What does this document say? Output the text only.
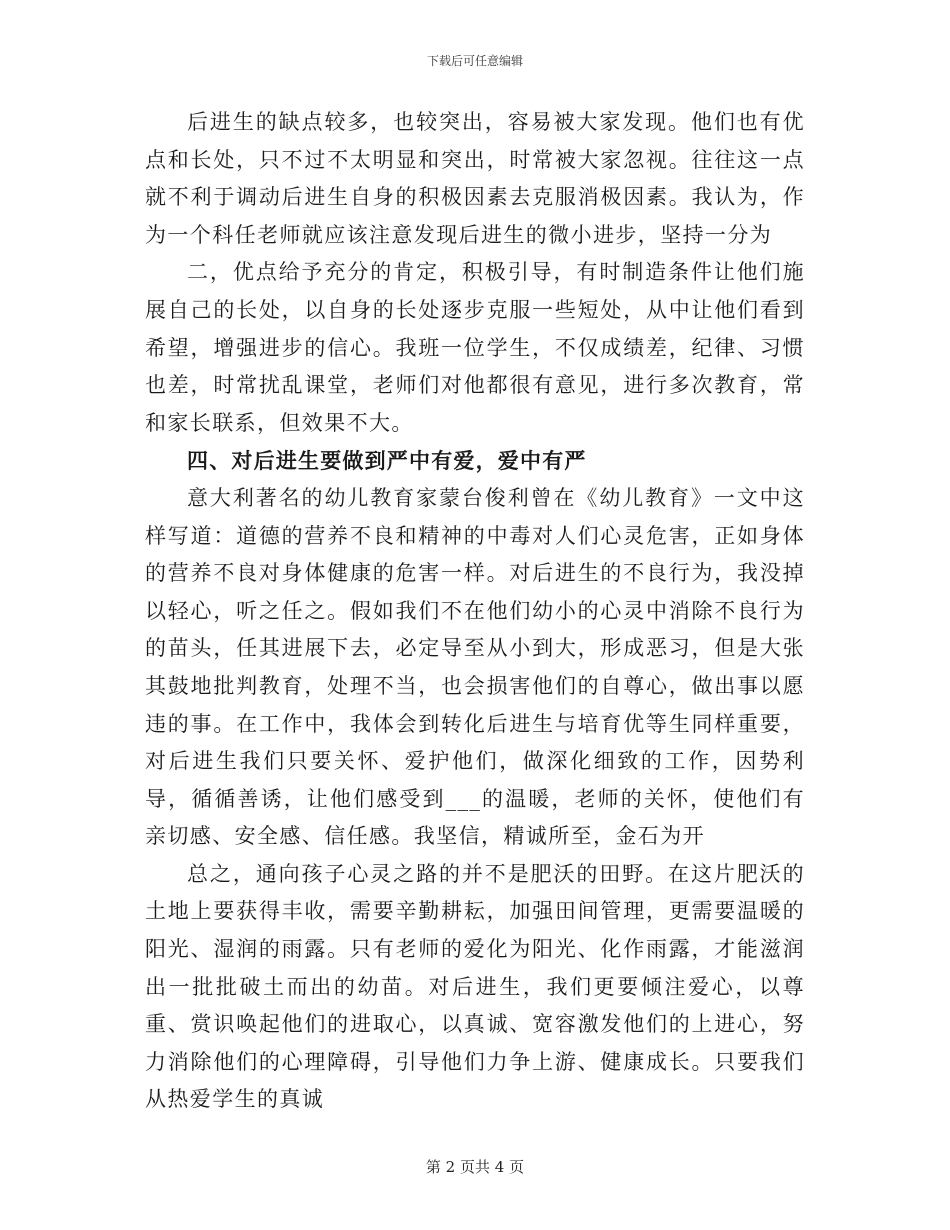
下载后可任意编辑

后进生的缺点较多，也较突出，容易被大家发现。他们也有优点和长处，只不过不太明显和突出，时常被大家忽视。往往这一点就不利于调动后进生自身的积极因素去克服消极因素。我认为，作为一个科任老师就应该注意发现后进生的微小进步，坚持一分为

二，优点给予充分的肯定，积极引导，有时制造条件让他们施展自己的长处，以自身的长处逐步克服一些短处，从中让他们看到希望，增强进步的信心。我班一位学生，不仅成绩差，纪律、习惯也差，时常扰乱课堂，老师们对他都很有意见，进行多次教育，常和家长联系，但效果不大。

四、对后进生要做到严中有爱，爱中有严

意大利著名的幼儿教育家蒙台俊利曾在《幼儿教育》一文中这样写道：道德的营养不良和精神的中毒对人们心灵危害，正如身体的营养不良对身体健康的危害一样。对后进生的不良行为，我没掉以轻心，听之任之。假如我们不在他们幼小的心灵中消除不良行为的苗头，任其进展下去，必定导至从小到大，形成恶习，但是大张其鼓地批判教育，处理不当，也会损害他们的自尊心，做出事以愿违的事。在工作中，我体会到转化后进生与培育优等生同样重要，对后进生我们只要关怀、爱护他们，做深化细致的工作，因势利导，循循善诱，让他们感受到___的温暖，老师的关怀，使他们有亲切感、安全感、信任感。我坚信，精诚所至，金石为开

总之，通向孩子心灵之路的并不是肥沃的田野。在这片肥沃的土地上要获得丰收，需要辛勤耕耘，加强田间管理，更需要温暖的阳光、湿润的雨露。只有老师的爱化为阳光、化作雨露，才能滋润出一批批破土而出的幼苗。对后进生，我们更要倾注爱心，以尊重、赏识唤起他们的进取心，以真诚、宽容激发他们的上进心，努力消除他们的心理障碍，引导他们力争上游、健康成长。只要我们从热爱学生的真诚

第 2 页共 4 页
